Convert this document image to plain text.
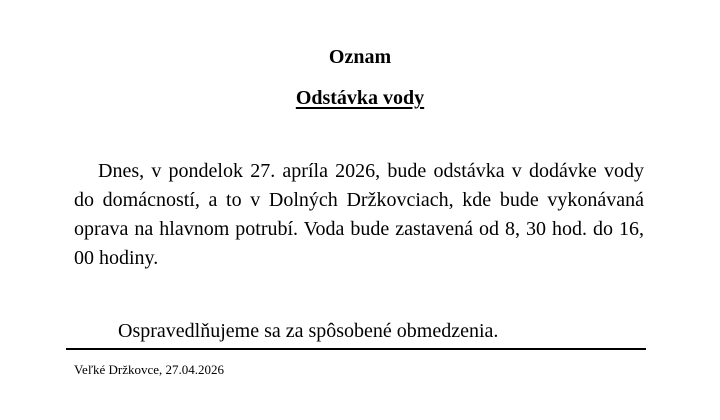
Oznam
Odstávka vody

Dnes, v pondelok 27. apríla 2026, bude odstávka v dodávke vody do domácností, a to v Dolných Držkovciach, kde bude vykonávaná oprava na hlavnom potrubí. Voda bude zastavená od 8, 30 hod. do 16, 00 hodiny.

Ospravedlňujeme sa za spôsobené obmedzenia.
Veľké Držkovce, 27.04.2026
